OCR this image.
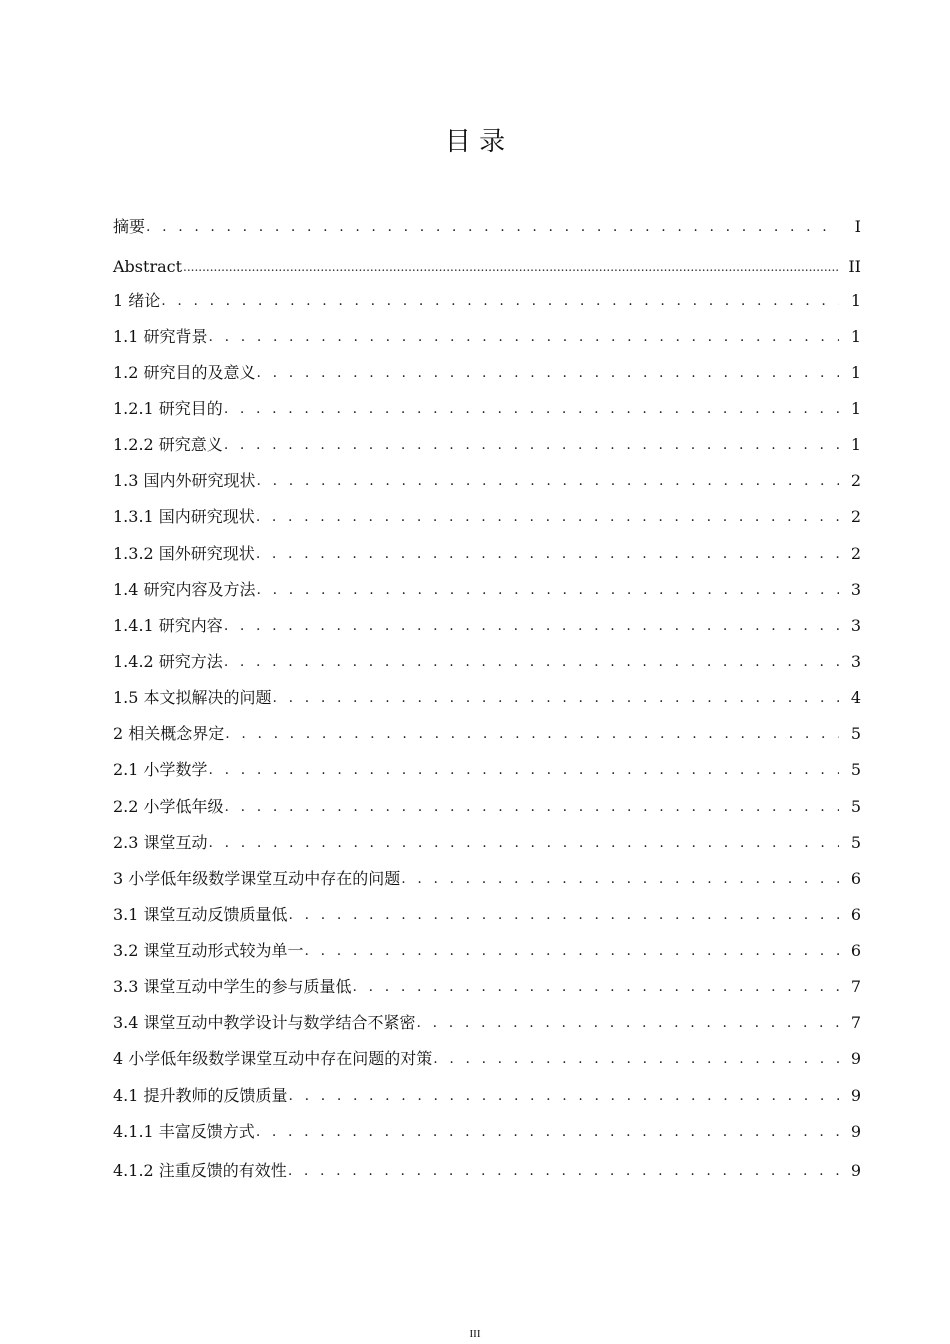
目 录
摘要 . . .	I
Abstract .....	II
1 绪论 . . .	1
1.1 研究背景 . . .	1
1.2 研究目的及意义 . . .	1
1.2.1 研究目的 . . .	1
1.2.2 研究意义 . . .	1
1.3 国内外研究现状 . . .	2
1.3.1 国内研究现状 . . .	2
1.3.2 国外研究现状 . . .	2
1.4 研究内容及方法 . . .	3
1.4.1 研究内容 . . .	3
1.4.2 研究方法 . . .	3
1.5 本文拟解决的问题 . . .	4
2 相关概念界定 . . .	5
2.1 小学数学 . . .	5
2.2 小学低年级 . . .	5
2.3 课堂互动 . . .	5
3 小学低年级数学课堂互动中存在的问题 . . .	6
3.1 课堂互动反馈质量低 . . .	6
3.2 课堂互动形式较为单一 . . .	6
3.3 课堂互动中学生的参与质量低 . . .	7
3.4 课堂互动中教学设计与数学结合不紧密 . . .	7
4 小学低年级数学课堂互动中存在问题的对策 . . .	9
4.1 提升教师的反馈质量 . . .	9
4.1.1 丰富反馈方式 . . .	9
4.1.2 注重反馈的有效性 . . .	9
III
